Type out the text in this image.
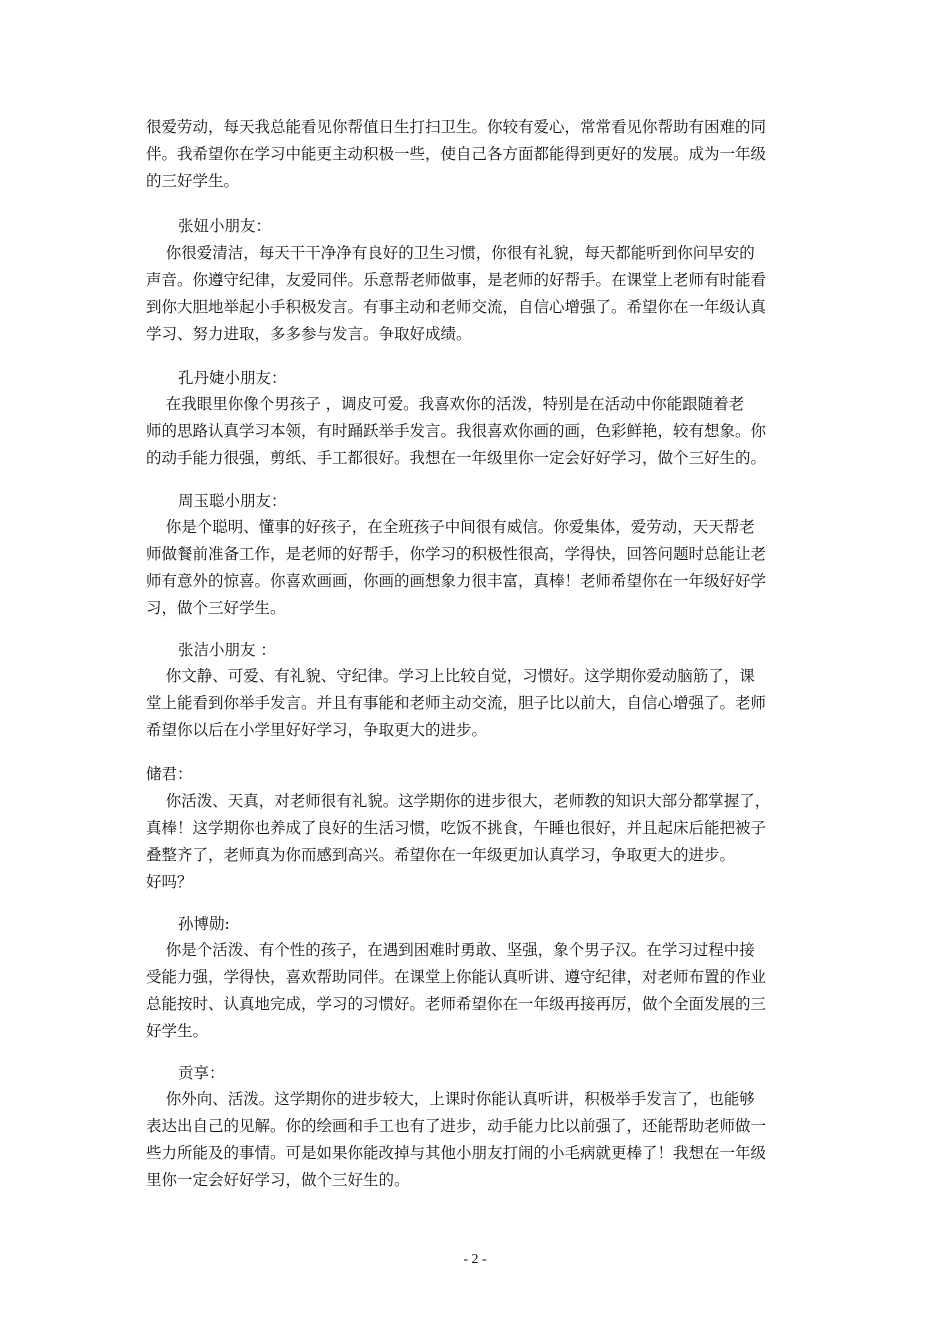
很爱劳动，每天我总能看见你帮值日生打扫卫生。你较有爱心，常常看见你帮助有困难的同
伴。我希望你在学习中能更主动积极一些，使自己各方面都能得到更好的发展。成为一年级
的三好学生。
张妞小朋友：
你很爱清洁，每天干干净净有良好的卫生习惯，你很有礼貌，每天都能听到你问早安的
声音。你遵守纪律，友爱同伴。乐意帮老师做事，是老师的好帮手。在课堂上老师有时能看
到你大胆地举起小手积极发言。有事主动和老师交流，自信心增强了。希望你在一年级认真
学习、努力进取，多多参与发言。争取好成绩。
孔丹婕小朋友：
在我眼里你像个男孩子 ，调皮可爱。我喜欢你的活泼，特别是在活动中你能跟随着老
师的思路认真学习本领，有时踊跃举手发言。我很喜欢你画的画，色彩鲜艳，较有想象。你
的动手能力很强，剪纸、手工都很好。我想在一年级里你一定会好好学习，做个三好生的。
周玉聪小朋友：
你是个聪明、懂事的好孩子，在全班孩子中间很有威信。你爱集体，爱劳动，天天帮老
师做餐前准备工作，是老师的好帮手，你学习的积极性很高，学得快，回答问题时总能让老
师有意外的惊喜。你喜欢画画，你画的画想象力很丰富，真棒！老师希望你在一年级好好学
习，做个三好学生。
张洁小朋友 ：
你文静、可爱、有礼貌、守纪律。学习上比较自觉，习惯好。这学期你爱动脑筋了，课
堂上能看到你举手发言。并且有事能和老师主动交流，胆子比以前大，自信心增强了。老师
希望你以后在小学里好好学习，争取更大的进步。
储君：
你活泼、天真，对老师很有礼貌。这学期你的进步很大，老师教的知识大部分都掌握了，
真棒！这学期你也养成了良好的生活习惯，吃饭不挑食，午睡也很好，并且起床后能把被子
叠整齐了，老师真为你而感到高兴。希望你在一年级更加认真学习，争取更大的进步。
好吗？
孙博勋:
你是个活泼、有个性的孩子，在遇到困难时勇敢、坚强，象个男子汉。在学习过程中接
受能力强，学得快，喜欢帮助同伴。在课堂上你能认真听讲、遵守纪律，对老师布置的作业
总能按时、认真地完成，学习的习惯好。老师希望你在一年级再接再厉，做个全面发展的三
好学生。
贡享：
你外向、活泼。这学期你的进步较大，上课时你能认真听讲，积极举手发言了，也能够
表达出自己的见解。你的绘画和手工也有了进步，动手能力比以前强了，还能帮助老师做一
些力所能及的事情。可是如果你能改掉与其他小朋友打闹的小毛病就更棒了！我想在一年级
里你一定会好好学习，做个三好生的。
- 2 -
